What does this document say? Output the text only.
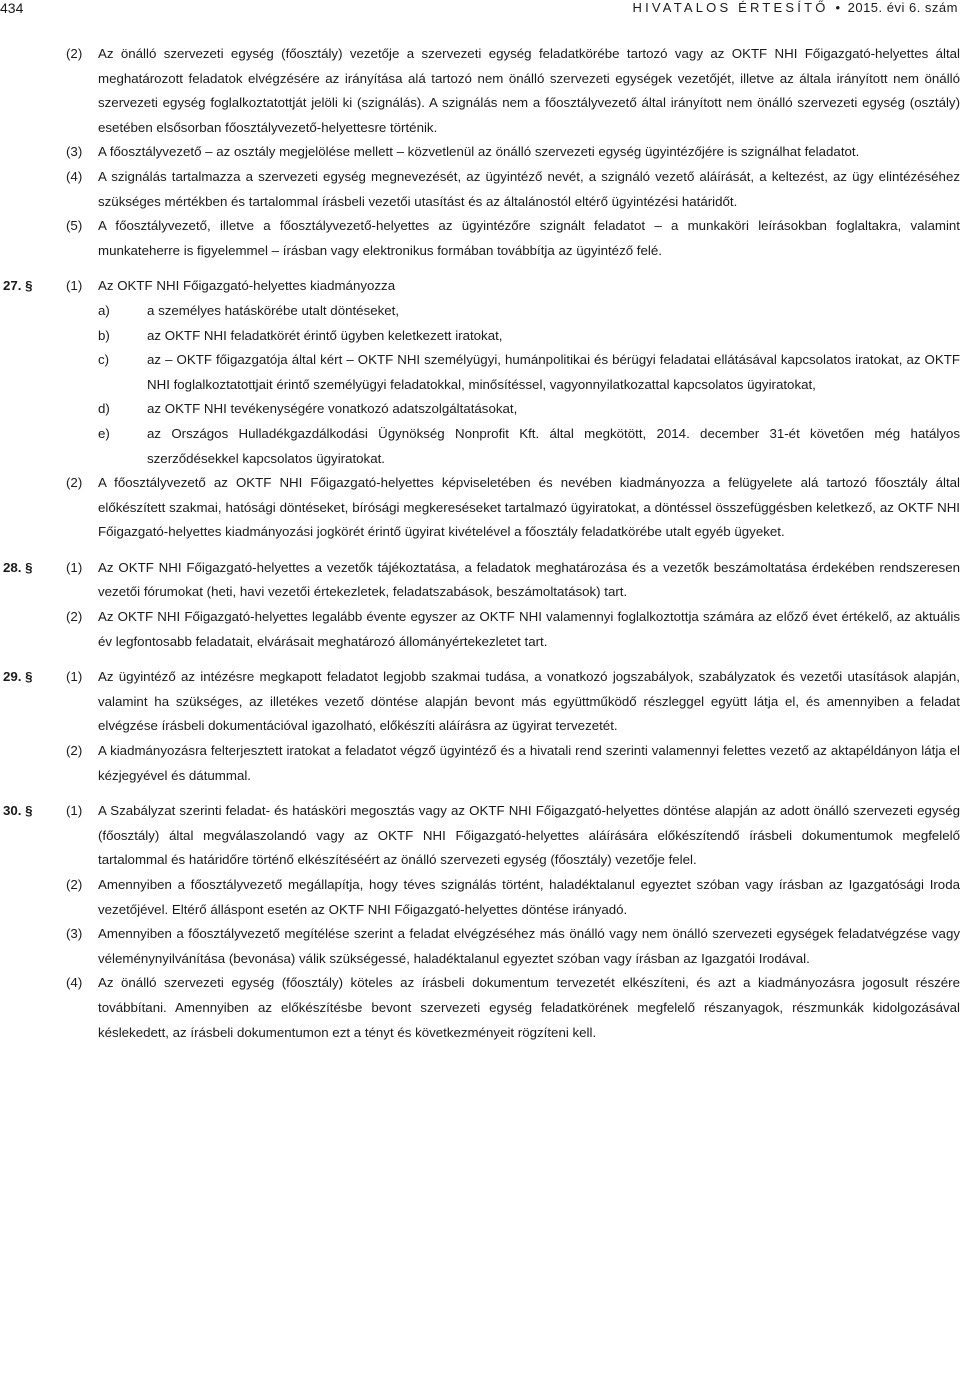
434	HIVATALOS ÉRTESÍTŐ • 2015. évi 6. szám
(2) Az önálló szervezeti egység (főosztály) vezetője a szervezeti egység feladatkörébe tartozó vagy az OKTF NHI Főigazgató-helyettes által meghatározott feladatok elvégzésére az irányítása alá tartozó nem önálló szervezeti egységek vezetőjét, illetve az általa irányított nem önálló szervezeti egység foglalkoztatottját jelöli ki (szignálás). A szignálás nem a főosztályvezető által irányított nem önálló szervezeti egység (osztály) esetében elsősorban főosztályvezető-helyettesre történik.
(3) A főosztályvezető – az osztály megjelölése mellett – közvetlenül az önálló szervezeti egység ügyintézőjére is szignálhat feladatot.
(4) A szignálás tartalmazza a szervezeti egység megnevezését, az ügyintéző nevét, a szignáló vezető aláírását, a keltezést, az ügy elintézéséhez szükséges mértékben és tartalommal írásbeli vezetői utasítást és az általánostól eltérő ügyintézési határidőt.
(5) A főosztályvezető, illetve a főosztályvezető-helyettes az ügyintézőre szignált feladatot – a munkaköri leírásokban foglaltakra, valamint munkateherre is figyelemmel – írásban vagy elektronikus formában továbbítja az ügyintéző felé.
27. §	(1) Az OKTF NHI Főigazgató-helyettes kiadmányozza
a)	a személyes hatáskörébe utalt döntéseket,
b)	az OKTF NHI feladatkörét érintő ügyben keletkezett iratokat,
c)	az – OKTF főigazgatója által kért – OKTF NHI személyügyi, humánpolitikai és bérügyi feladatai ellátásával kapcsolatos iratokat, az OKTF NHI foglalkoztatottjait érintő személyügyi feladatokkal, minősítéssel, vagyonnyilatkozattal kapcsolatos ügyiratokat,
d)	az OKTF NHI tevékenységére vonatkozó adatszolgáltatásokat,
e)	az Országos Hulladékgazdálkodási Ügynökség Nonprofit Kft. által megkötött, 2014. december 31-ét követően még hatályos szerződésekkel kapcsolatos ügyiratokat.
(2) A főosztályvezető az OKTF NHI Főigazgató-helyettes képviseletében és nevében kiadmányozza a felügyelete alá tartozó főosztály által előkészített szakmai, hatósági döntéseket, bírósági megkereséseket tartalmazó ügyiratokat, a döntéssel összefüggésben keletkező, az OKTF NHI Főigazgató-helyettes kiadmányozási jogkörét érintő ügyirat kivételével a főosztály feladatkörébe utalt egyéb ügyeket.
28. §	(1) Az OKTF NHI Főigazgató-helyettes a vezetők tájékoztatása, a feladatok meghatározása és a vezetők beszámoltatása érdekében rendszeresen vezetői fórumokat (heti, havi vezetői értekezletek, feladatszabások, beszámoltatások) tart.
(2) Az OKTF NHI Főigazgató-helyettes legalább évente egyszer az OKTF NHI valamennyi foglalkoztottja számára az előző évet értékelő, az aktuális év legfontosabb feladatait, elvárásait meghatározó állományértekezletet tart.
29. §	(1) Az ügyintéző az intézésre megkapott feladatot legjobb szakmai tudása, a vonatkozó jogszabályok, szabályzatok és vezetői utasítások alapján, valamint ha szükséges, az illetékes vezető döntése alapján bevont más együttműködő részleggel együtt látja el, és amennyiben a feladat elvégzése írásbeli dokumentációval igazolható, előkészíti aláírásra az ügyirat tervezetét.
(2) A kiadmányozásra felterjesztett iratokat a feladatot végző ügyintéző és a hivatali rend szerinti valamennyi felettes vezető az aktapéldányon látja el kézjegyével és dátummal.
30. §	(1) A Szabályzat szerinti feladat- és hatásköri megosztás vagy az OKTF NHI Főigazgató-helyettes döntése alapján az adott önálló szervezeti egység (főosztály) által megválaszolandó vagy az OKTF NHI Főigazgató-helyettes aláírására előkészítendő írásbeli dokumentumok megfelelő tartalommal és határidőre történő elkészítéséért az önálló szervezeti egység (főosztály) vezetője felel.
(2) Amennyiben a főosztályvezető megállapítja, hogy téves szignálás történt, haladéktalanul egyeztet szóban vagy írásban az Igazgatósági Iroda vezetőjével. Eltérő álláspont esetén az OKTF NHI Főigazgató-helyettes döntése irányadó.
(3) Amennyiben a főosztályvezető megítélése szerint a feladat elvégzéséhez más önálló vagy nem önálló szervezeti egységek feladatvégzése vagy véleménynyilvánítása (bevonása) válik szükségessé, haladéktalanul egyeztet szóban vagy írásban az Igazgatói Irodával.
(4) Az önálló szervezeti egység (főosztály) köteles az írásbeli dokumentum tervezetét elkészíteni, és azt a kiadmányozásra jogosult részére továbbítani. Amennyiben az előkészítésbe bevont szervezeti egység feladatkörének megfelelő részanyagok, részmunkák kidolgozásával késlekedett, az írásbeli dokumentumon ezt a tényt és következményeit rögzíteni kell.
